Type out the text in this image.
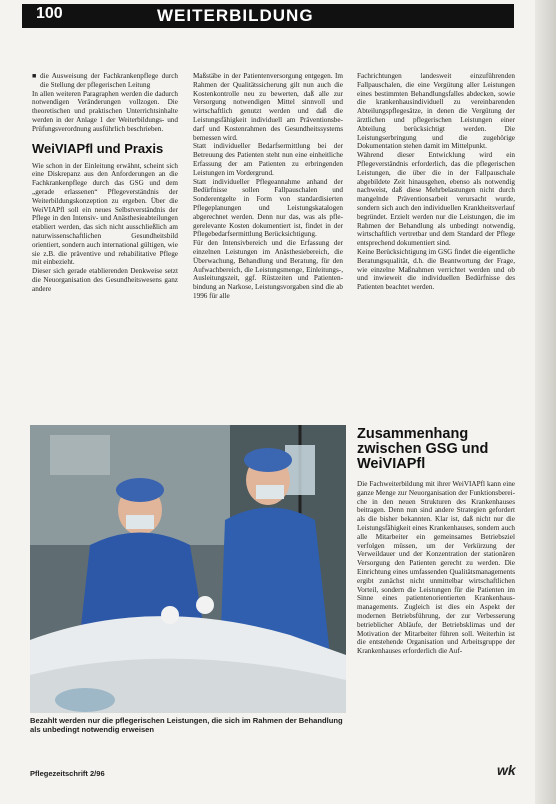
100	WEITERBILDUNG
■ die Ausweisung der Fachkrankenpflege durch die Stellung der pflegerischen Leitung

In allen weiteren Paragraphen werden die dadurch notwendigen Veränderungen vollzogen. Die theoretischen und praktischen Unterrichtsinhalte werden in der Anlage 1 der Weiterbildungs- und Prüfungsverordnung ausführlich beschrieben.

WeiVIAPfl und Praxis

Wie schon in der Einleitung erwähnt, scheint sich eine Diskrepanz aus den Anforderungen an die Fachkrankenpflege durch das GSG und dem „gerade erlassenen“ Pflegeverständnis der Weiterbildungskonzeption zu ergeben. Über die WeiVIAPfl soll ein neues Selbstverständnis der Pflege in den Intensiv- und Anästhesieabteilungen etabliert werden, das sich nicht ausschließlich am naturwissenschaftlichen Gesundheitsbild orientiert, sondern auch international gültigen, wie sie z.B. die präventive und rehabilitative Pflege mit einbezieht.

Dieser sich gerade etablierenden Denkweise setzt die Neuorganisation des Gesundheitswesens ganz andere

Maßstäbe in der Patientenversorgung entgegen. Im Rahmen der Qualitätssicherung gilt nun auch die Kostenkontrolle neu zu bewerten, daß alle zur Versorgung notwendigen Mittel sinnvoll und wirtschaftlich genutzt werden und daß die Leistungsfähigkeit individuell am Präventionsbedarf und Kostenrahmen des Gesundheitssystems bemessen wird.

Statt individueller Bedarfsermittlung bei der Betreuung des Patienten steht nun eine einheitliche Erfassung der am Patienten zu erbringenden Leistungen im Vordergrund.

Statt individueller Pflegeannahme anhand der Bedürfnisse sollen Fallpauschalen und Sonderentgelte in Form von standardisierten Pflegeplanungen und Leistungskatalogen abgerechnet werden. Denn nur das, was als pflegerelevante Kosten dokumentiert ist, findet in der Pflegebedarfsermittlung Berücksichtigung.

Für den Intensivbereich und die Erfassung der einzelnen Leistungen im Anästhesiebereich, die Überwachung, Behandlung und Beratung, für den Aufwachbereich, die Leistungsmenge, Einleitungs-, Ausleitungszeit, ggf. Rüstzeiten und Patientenbindung an Narkose, Leistungsvorgaben sind die ab 1996 für alle

Fachrichtungen landesweit einzuführenden Fallpauschalen, die eine Vergütung aller Leistungen eines bestimmten Behandlungsfalles abdecken, sowie die krankenhausindividuell zu vereinbarenden Abteilungspflegesätze, in denen die Vergütung der ärztlichen und pflegerischen Leistungen einer Abteilung berücksichtigt werden. Die Leistungserbringung und die zugehörige Dokumentation stehen damit im Mittelpunkt.

Während dieser Entwicklung wird ein Pflegeverständnis erforderlich, das die pflegerischen Leistungen, die über die in der Fallpauschale abgebildete Zeit hinausgehen, ebenso als notwendig nachweist, daß diese Mehrbelastungen nicht durch mangelnde Präventionsarbeit verursacht wurde, sondern sich auch den individuellen Krankheitsverlauf begründet. Erzielt werden nur die Leistungen, die im Rahmen der Behandlung als unbedingt notwendig, wirtschaftlich vertretbar und dem Standard der Pflege entsprechend dokumentiert sind.

Keine Berücksichtigung im GSG findet die eigentliche Beratungsqualität, d.h. die Beantwortung der Frage, wie einzelne Maßnahmen verrichtet werden und ob und inwieweit die individuellen Bedürfnisse des Patienten beachtet werden.

Bezahlt werden nur die pflegerischen Leistungen, die sich im Rahmen der Behandlung als unbedingt notwendig erweisen
Zusammenhang zwischen GSG und WeiVIAPfl

Die Fachweiterbildung mit ihrer WeiVIAPfl kann eine ganze Menge zur Neuorganisation der Funktionsbereiche in den neuen Strukturen des Krankenhauses beitragen. Denn nun sind andere Strategien gefordert als die bisher bekannten. Klar ist, daß nicht nur die Leistungsfähigkeit eines Krankenhauses, sondern auch alle Mitarbeiter ein gemeinsames Betriebsziel verfolgen müssen, um der Verkürzung der Verweildauer und der Konzentration der stationären Versorgung den Patienten gerecht zu werden. Die Einrichtung eines umfassenden Qualitätsmanagements ergibt zunächst nicht unmittelbar wirtschaftlichen Vorteil, sondern die Leistungen für die Patienten im Sinne eines patientenorientierten Krankenhausmanagements. Zugleich ist dies ein Aspekt der modernen Betriebsführung, der zur Verbesserung betrieblicher Abläufe, der Betriebsklimas und der Motivation der Mitarbeiter führen soll. Weiterhin ist die entstehende Organisation und Arbeitsgruppe der Krankenhauses erforderlich die Auf-

Pflegezeitschrift 2/96	wk
